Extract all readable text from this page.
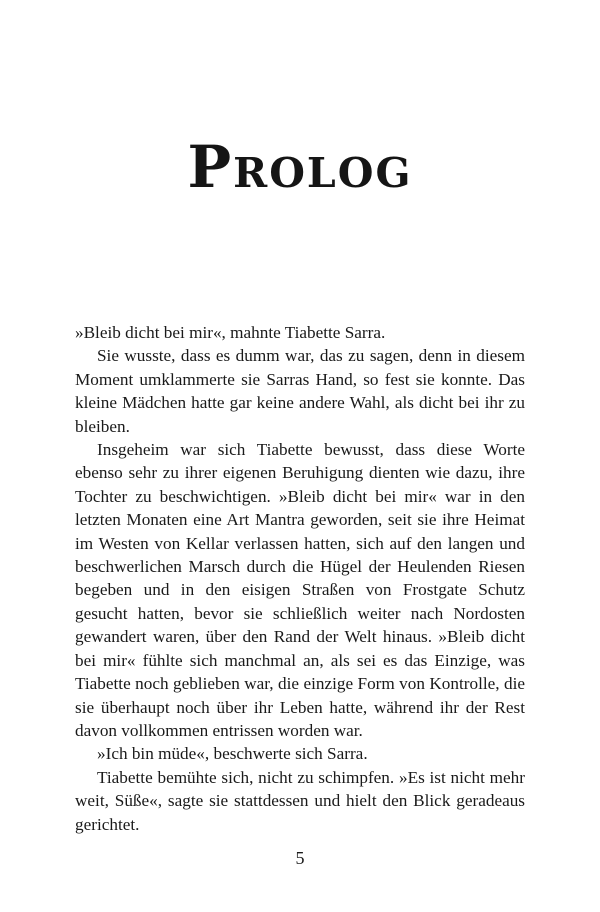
Prolog

»Bleib dicht bei mir«, mahnte Tiabette Sarra.

Sie wusste, dass es dumm war, das zu sagen, denn in diesem Moment umklammerte sie Sarras Hand, so fest sie konnte. Das kleine Mädchen hatte gar keine andere Wahl, als dicht bei ihr zu bleiben.

Insgeheim war sich Tiabette bewusst, dass diese Worte ebenso sehr zu ihrer eigenen Beruhigung dienten wie dazu, ihre Tochter zu beschwichtigen. »Bleib dicht bei mir« war in den letzten Monaten eine Art Mantra geworden, seit sie ihre Heimat im Westen von Kellar verlassen hatten, sich auf den langen und beschwerlichen Marsch durch die Hügel der Heulenden Riesen begeben und in den eisigen Straßen von Frostgate Schutz gesucht hatten, bevor sie schließlich weiter nach Nordosten gewandert waren, über den Rand der Welt hinaus. »Bleib dicht bei mir« fühlte sich manchmal an, als sei es das Einzige, was Tiabette noch geblieben war, die einzige Form von Kontrolle, die sie überhaupt noch über ihr Leben hatte, während ihr der Rest davon vollkommen entrissen worden war.

»Ich bin müde«, beschwerte sich Sarra.

Tiabette bemühte sich, nicht zu schimpfen. »Es ist nicht mehr weit, Süße«, sagte sie stattdessen und hielt den Blick geradeaus gerichtet.

5
